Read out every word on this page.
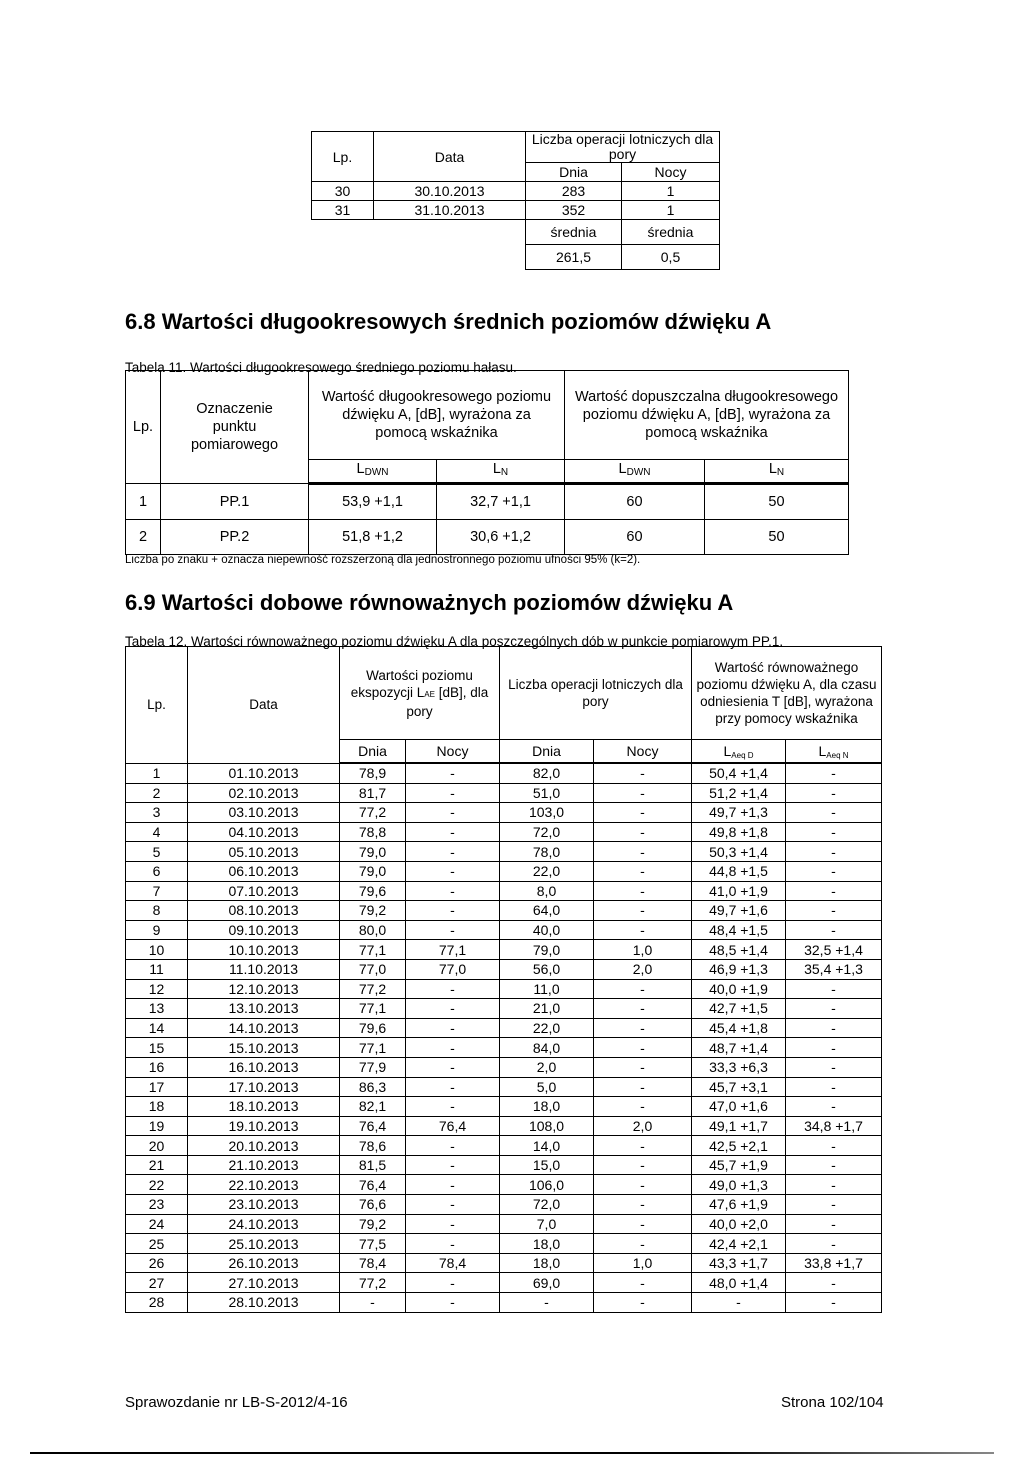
Lp.	Data	Liczba operacji lotniczych dla pory	
		Dnia	Nocy
30	30.10.2013	283	1
31	31.10.2013	352	1
		średnia	średnia
		261,5	0,5
6.8 Wartości długookresowych średnich poziomów dźwięku A

Tabela 11. Wartości długookresowego średniego poziomu hałasu.

Lp.	Oznaczenie punktu pomiarowego	Wartość długookresowego poziomu dźwięku A, [dB], wyrażona za pomocą wskaźnika		Wartość dopuszczalna długookresowego poziomu dźwięku A, [dB], wyrażona za pomocą wskaźnika	
		LDWN	LN	LDWN	LN
1	PP.1	53,9 +1,1	32,7 +1,1	60	50
2	PP.2	51,8 +1,2	30,6 +1,2	60	50

Liczba po znaku + oznacza niepewność rozszerzoną dla jednostronnego poziomu ufności 95% (k=2).

6.9 Wartości dobowe równoważnych poziomów dźwięku A

Tabela 12. Wartości równoważnego poziomu dźwięku A dla poszczególnych dób w punkcie pomiarowym PP.1.

Lp.	Data	Wartości poziomu ekspozycji LAE [dB], dla pory		Liczba operacji lotniczych dla pory		Wartość równoważnego poziomu dźwięku A, dla czasu odniesienia T [dB], wyrażona przy pomocy wskaźnika	
		Dnia	Nocy	Dnia	Nocy	LAeq D	LAeq N
1	01.10.2013	78,9	-	82,0	-	50,4 +1,4	-
2	02.10.2013	81,7	-	51,0	-	51,2 +1,4	-
3	03.10.2013	77,2	-	103,0	-	49,7 +1,3	-
4	04.10.2013	78,8	-	72,0	-	49,8 +1,8	-
5	05.10.2013	79,0	-	78,0	-	50,3 +1,4	-
6	06.10.2013	79,0	-	22,0	-	44,8 +1,5	-
7	07.10.2013	79,6	-	8,0	-	41,0 +1,9	-
8	08.10.2013	79,2	-	64,0	-	49,7 +1,6	-
9	09.10.2013	80,0	-	40,0	-	48,4 +1,5	-
10	10.10.2013	77,1	77,1	79,0	1,0	48,5 +1,4	32,5 +1,4
11	11.10.2013	77,0	77,0	56,0	2,0	46,9 +1,3	35,4 +1,3
12	12.10.2013	77,2	-	11,0	-	40,0 +1,9	-
13	13.10.2013	77,1	-	21,0	-	42,7 +1,5	-
14	14.10.2013	79,6	-	22,0	-	45,4 +1,8	-
15	15.10.2013	77,1	-	84,0	-	48,7 +1,4	-
16	16.10.2013	77,9	-	2,0	-	33,3 +6,3	-
17	17.10.2013	86,3	-	5,0	-	45,7 +3,1	-
18	18.10.2013	82,1	-	18,0	-	47,0 +1,6	-
19	19.10.2013	76,4	76,4	108,0	2,0	49,1 +1,7	34,8 +1,7
20	20.10.2013	78,6	-	14,0	-	42,5 +2,1	-
21	21.10.2013	81,5	-	15,0	-	45,7 +1,9	-
22	22.10.2013	76,4	-	106,0	-	49,0 +1,3	-
23	23.10.2013	76,6	-	72,0	-	47,6 +1,9	-
24	24.10.2013	79,2	-	7,0	-	40,0 +2,0	-
25	25.10.2013	77,5	-	18,0	-	42,4 +2,1	-
26	26.10.2013	78,4	78,4	18,0	1,0	43,3 +1,7	33,8 +1,7
27	27.10.2013	77,2	-	69,0	-	48,0 +1,4	-
28	28.10.2013	-	-	-	-	-	-

Sprawozdanie nr LB-S-2012/4-16	Strona 102/104
